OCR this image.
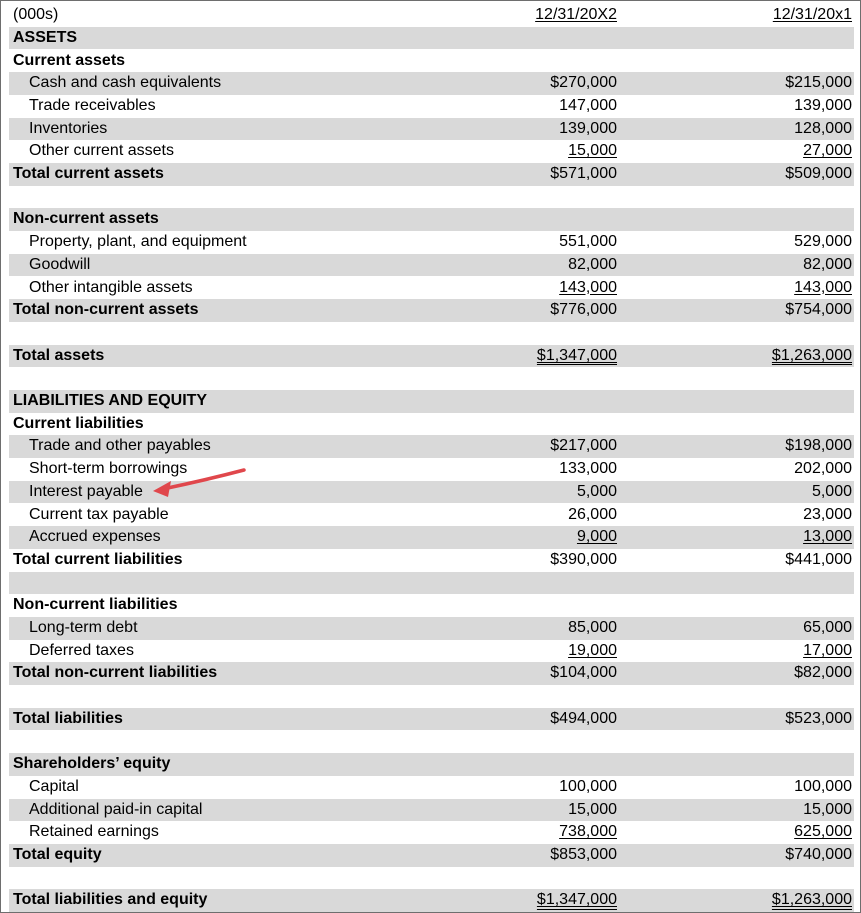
(000s)	12/31/20X2	12/31/20x1
ASSETS
Current assets
Cash and cash equivalents	$270,000	$215,000
Trade receivables	147,000	139,000
Inventories	139,000	128,000
Other current assets	15,000	27,000
Total current assets	$571,000	$509,000
Non-current assets
Property, plant, and equipment	551,000	529,000
Goodwill	82,000	82,000
Other intangible assets	143,000	143,000
Total non-current assets	$776,000	$754,000
Total assets	$1,347,000	$1,263,000
LIABILITIES AND EQUITY
Current liabilities
Trade and other payables	$217,000	$198,000
Short-term borrowings	133,000	202,000
Interest payable	5,000	5,000
Current tax payable	26,000	23,000
Accrued expenses	9,000	13,000
Total current liabilities	$390,000	$441,000
Non-current liabilities
Long-term debt	85,000	65,000
Deferred taxes	19,000	17,000
Total non-current liabilities	$104,000	$82,000
Total liabilities	$494,000	$523,000
Shareholders’ equity
Capital	100,000	100,000
Additional paid-in capital	15,000	15,000
Retained earnings	738,000	625,000
Total equity	$853,000	$740,000
Total liabilities and equity	$1,347,000	$1,263,000
